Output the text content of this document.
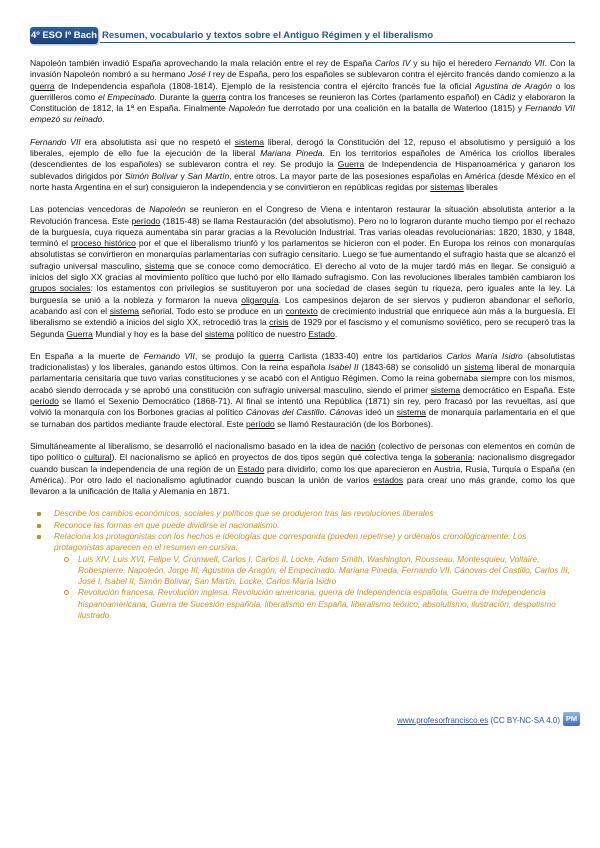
4º ESO Iº Bach Resumen, vocabulario y textos sobre el Antiguo Régimen y el liberalismo

Napoleón también invadió España aprovechando la mala relación entre el rey de España Carlos IV y su hijo el heredero Fernando VII. Con la invasión Napoleón nombró a su hermano José I rey de España, pero los españoles se sublevaron contra el ejército francés dando comienzo a la guerra de Independencia española (1808-1814). Ejemplo de la resistencia contra el ejército francés fue la oficial Agustina de Aragón o los guerrilleros como el Empecinado. Durante la guerra contra los franceses se reunieron las Cortes (parlamento español) en Cádiz y elaboraron la Constitución de 1812, la 1ª en España. Finalmente Napoleón fue derrotado por una coalición en la batalla de Waterloo (1815) y Fernando VII empezó su reinado.

Fernando VII era absolutista así que no respetó el sistema liberal, derogó la Constitución del 12, repuso el absolutismo y persiguió a los liberales, ejemplo de ello fue la ejecución de la liberal Mariana Pineda. En los territorios españoles de América los criollos liberales (descendientes de los españoles) se sublevaron contra el rey. Se produjo la Guerra de Independencia de Hispanoamérica y ganaron los sublevados dirigidos por Simón Bolívar y San Martín, entre otros. La mayor parte de las posesiones españolas en América (desde México en el norte hasta Argentina en el sur) consiguieron la independencia y se convirtieron en repúblicas regidas por sistemas liberales

Las potencias vencedoras de Napoleón se reunieron en el Congreso de Viena e intentaron restaurar la situación absolutista anterior a la Revolución francesa. Este período (1815-48) se llama Restauración (del absolutismo). Pero no lo lograron durante mucho tiempo por el rechazo de la burguesía, cuya riqueza aumentaba sin parar gracias a la Revolución Industrial. Tras varias oleadas revolucionarias: 1820, 1830, y 1848, terminó el proceso histórico por el que el liberalismo triunfó y los parlamentos se hicieron con el poder. En Europa los reinos con monarquías absolutistas se convirtieron en monarquías parlamentarias con sufragio censitario. Luego se fue aumentando el sufragio hasta que se alcanzó el sufragio universal masculino, sistema que se conoce como democrático. El derecho al voto de la mujer tardó más en llegar. Se consiguió a inicios del siglo XX gracias al movimiento político que luchó por ello llamado sufragismo. Con las revoluciones liberales también cambiaron los grupos sociales: los estamentos con privilegios se sustituyeron por una sociedad de clases según tu riqueza, pero iguales ante la ley. La burguesía se unió a la nobleza y formaron la nueva oligarquía. Los campesinos dejaron de ser siervos y pudieron abandonar el señorío, acabando así con el sistema señorial. Todo esto se produce en un contexto de crecimiento industrial que enriquece aún más a la burguesía. El liberalismo se extendió a inicios del siglo XX, retrocedió tras la crisis de 1929 por el fascismo y el comunismo soviético, pero se recuperó tras la Segunda Guerra Mundial y hoy es la base del sistema político de nuestro Estado.

En España a la muerte de Fernando VII, se produjo la guerra Carlista (1833-40) entre los partidarios Carlos María Isidro (absolutistas tradicionalistas) y los liberales, ganando estos últimos. Con la reina española Isabel II (1843-68) se consolidó un sistema liberal de monarquía parlamentaria censitaria que tuvo varias constituciones y se acabó con el Antiguo Régimen. Como la reina gobernaba siempre con los mismos, acabó siendo derrocada y se aprobó una constitución con sufragio universal masculino, siendo el primer sistema democrático en España. Este período se llamó el Sexenio Democrático (1868-71). Al final se intentó una República (1871) sin rey, pero fracasó por las revueltas, así que volvió la monarquía con los Borbones gracias al político Cánovas del Castillo. Cánovas ideó un sistema de monarquía parlamentaria en el que se turnaban dos partidos mediante fraude electoral. Este período se llamó Restauración (de los Borbones).

Simultáneamente al liberalismo, se desarrolló el nacionalismo basado en la idea de nación (colectivo de personas con elementos en común de tipo político o cultural). El nacionalismo se aplicó en proyectos de dos tipos según qué colectiva tenga la soberanía: nacionalismo disgregador cuando buscan la independencia de una región de un Estado para dividirlo, como los que aparecieron en Austria, Rusia, Turquía o España (en América). Por otro lado el nacionalismo aglutinador cuando buscan la unión de varios estados para crear uno más grande, como los que llevaron a la unificación de Italia y Alemania en 1871.

Describe los cambios económicos, sociales y políticos que se produjeron tras las revoluciones liberales
Reconoce las formas en que puede dividirse el nacionalismo.
Relaciona los protagonistas con los hechos e ideologías que corresponda (pueden repetirse) y ordénalos cronológicamente. Los protagonistas aparecen en el resumen en cursiva:
Luis XIV, Luis XVI, Felipe V, Cromwell, Carlos I, Carlos II, Locke, Adam Smith, Washington, Rousseau, Montesquieu, Voltaire, Robespierre, Napoleón, Jorge III, Agustina de Aragón, el Empecinado, Mariana Pineda, Fernando VII, Cánovas del Castillo, Carlos III, José I, Isabel II, Simón Bolívar, San Martín, Locke, Carlos María Isidro
Revolución francesa, Revolución inglesa, Revolución americana, guerra de Independencia española, Guerra de Independencia hispanoamericana, Guerra de Sucesión española, liberalismo en España, liberalismo teórico, absolutismo, ilustración, despotismo ilustrado.
www.profesorfrancisco.es (CC BY-NC-SA 4.0) PM
